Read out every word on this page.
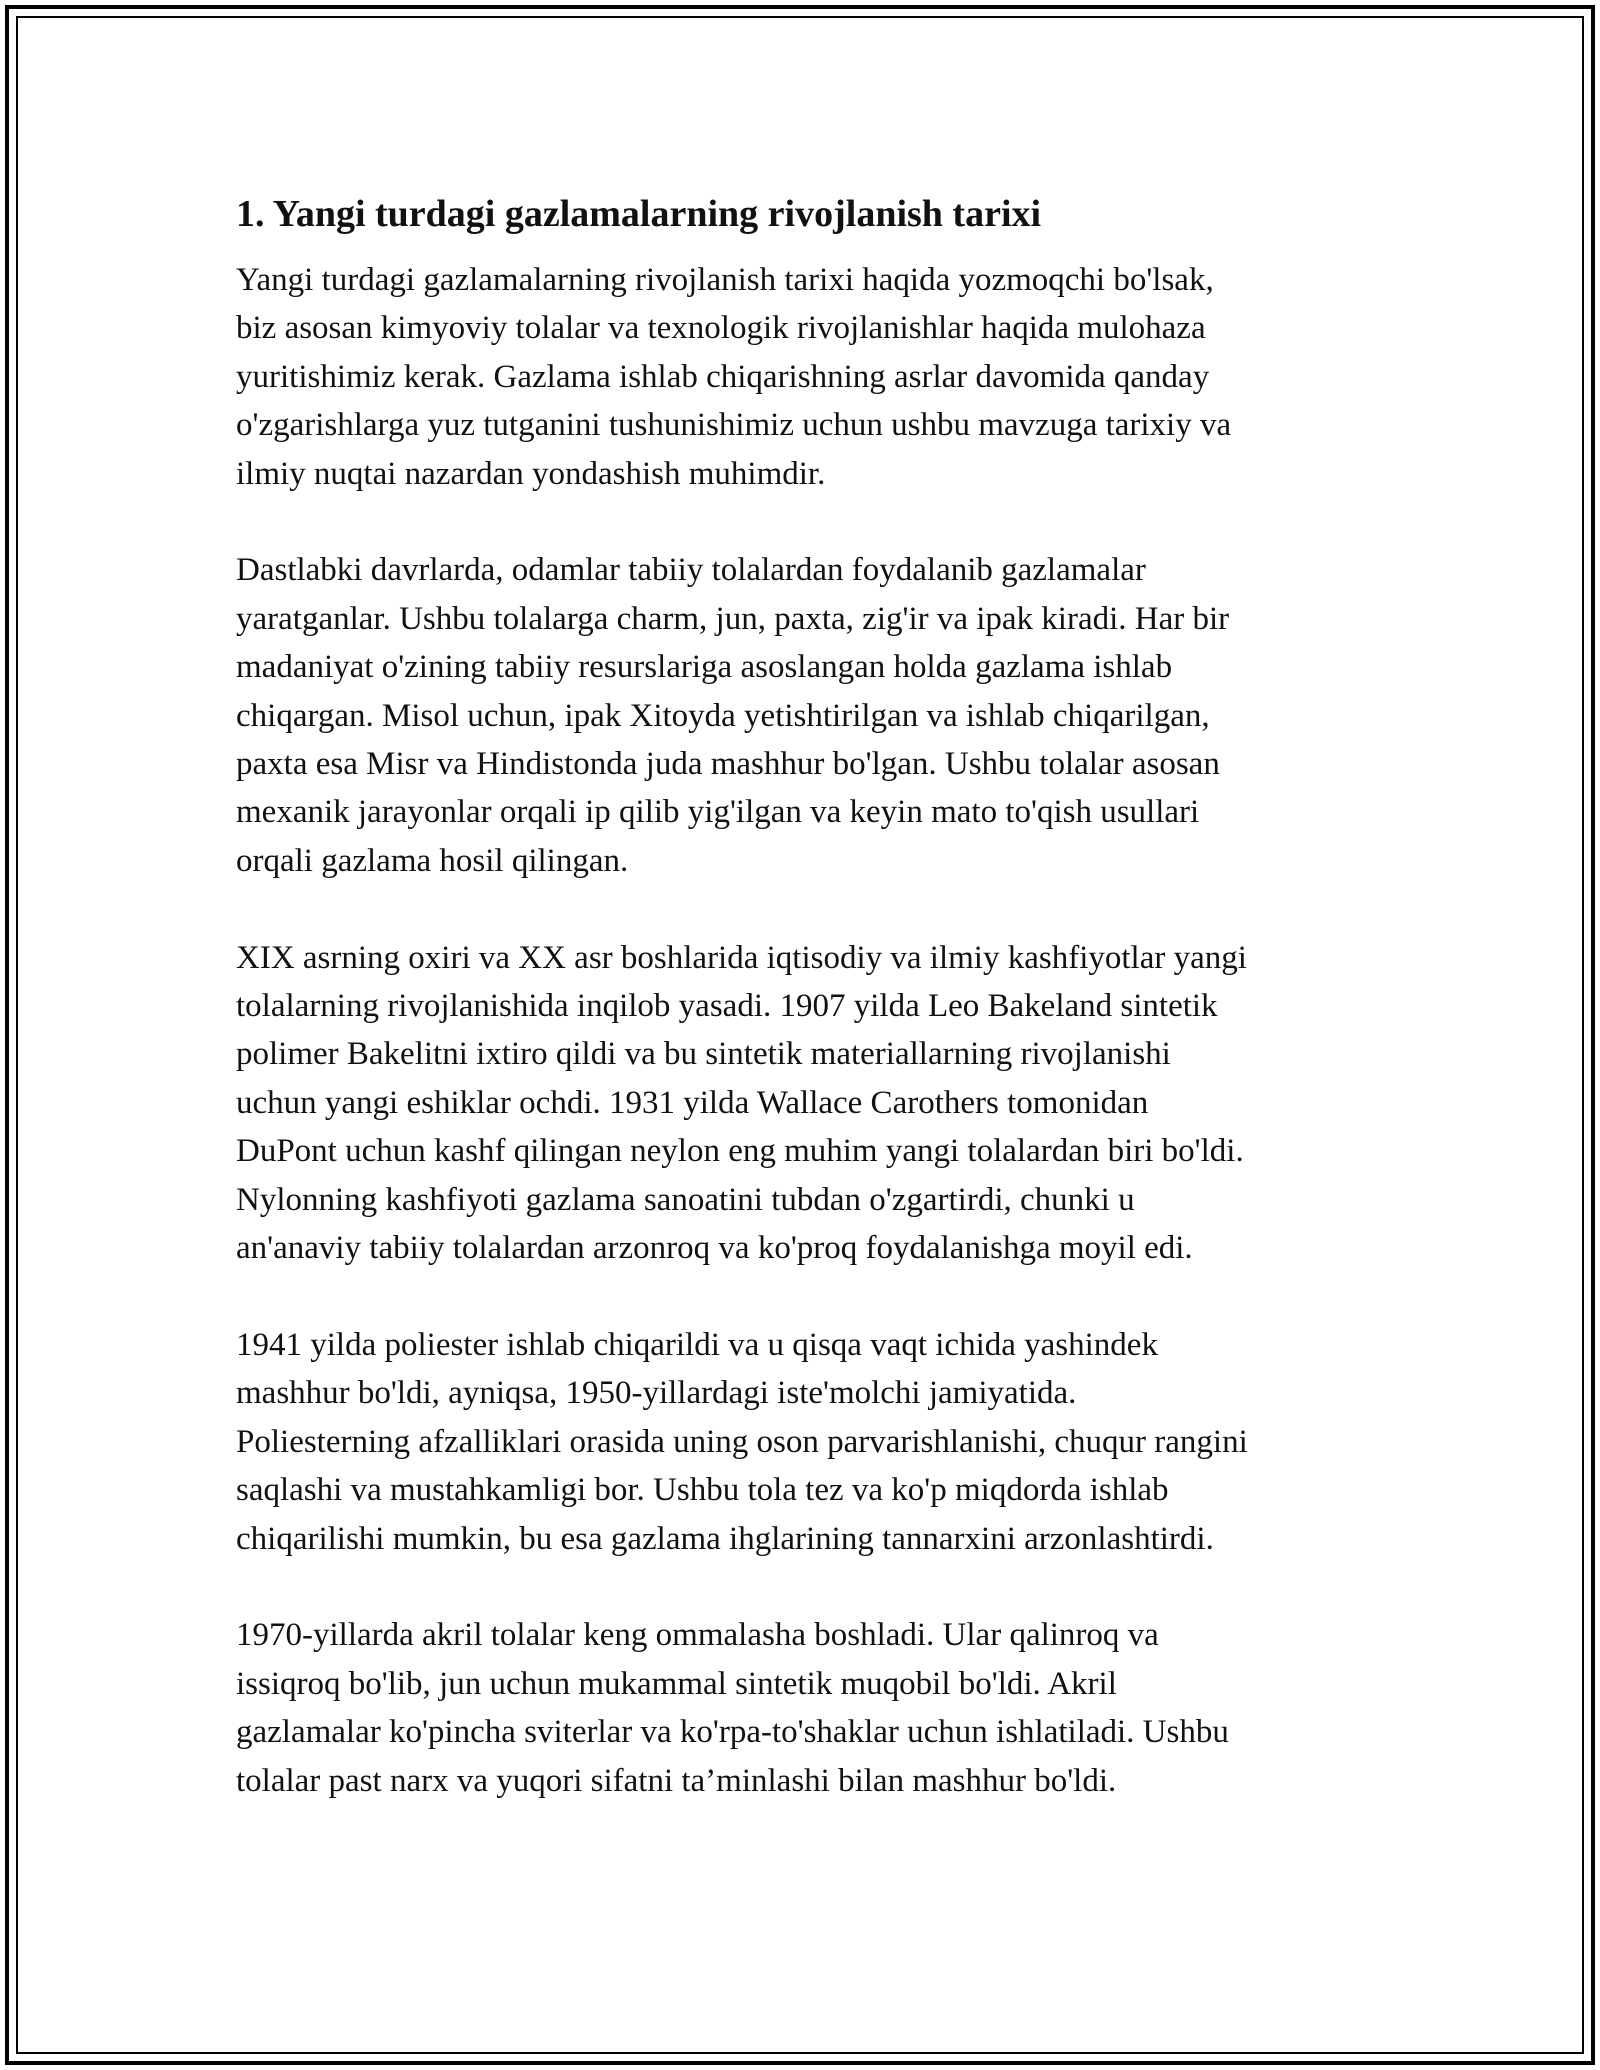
1. Yangi turdagi gazlamalarning rivojlanish tarixi

Yangi turdagi gazlamalarning rivojlanish tarixi haqida yozmoqchi bo'lsak,
biz asosan kimyoviy tolalar va texnologik rivojlanishlar haqida mulohaza
yuritishimiz kerak. Gazlama ishlab chiqarishning asrlar davomida qanday
o'zgarishlarga yuz tutganini tushunishimiz uchun ushbu mavzuga tarixiy va
ilmiy nuqtai nazardan yondashish muhimdir.

Dastlabki davrlarda, odamlar tabiiy tolalardan foydalanib gazlamalar
yaratganlar. Ushbu tolalarga charm, jun, paxta, zig'ir va ipak kiradi. Har bir
madaniyat o'zining tabiiy resurslariga asoslangan holda gazlama ishlab
chiqargan. Misol uchun, ipak Xitoyda yetishtirilgan va ishlab chiqarilgan,
paxta esa Misr va Hindistonda juda mashhur bo'lgan. Ushbu tolalar asosan
mexanik jarayonlar orqali ip qilib yig'ilgan va keyin mato to'qish usullari
orqali gazlama hosil qilingan.

XIX asrning oxiri va XX asr boshlarida iqtisodiy va ilmiy kashfiyotlar yangi
tolalarning rivojlanishida inqilob yasadi. 1907 yilda Leo Bakeland sintetik
polimer Bakelitni ixtiro qildi va bu sintetik materiallarning rivojlanishi
uchun yangi eshiklar ochdi. 1931 yilda Wallace Carothers tomonidan
DuPont uchun kashf qilingan neylon eng muhim yangi tolalardan biri bo'ldi.
Nylonning kashfiyoti gazlama sanoatini tubdan o'zgartirdi, chunki u
an'anaviy tabiiy tolalardan arzonroq va ko'proq foydalanishga moyil edi.

1941 yilda poliester ishlab chiqarildi va u qisqa vaqt ichida yashindek
mashhur bo'ldi, ayniqsa, 1950-yillardagi iste'molchi jamiyatida.
Poliesterning afzalliklari orasida uning oson parvarishlanishi, chuqur rangini
saqlashi va mustahkamligi bor. Ushbu tola tez va ko'p miqdorda ishlab
chiqarilishi mumkin, bu esa gazlama ihglarining tannarxini arzonlashtirdi.

1970-yillarda akril tolalar keng ommalasha boshladi. Ular qalinroq va
issiqroq bo'lib, jun uchun mukammal sintetik muqobil bo'ldi. Akril
gazlamalar ko'pincha sviterlar va ko'rpa-to'shaklar uchun ishlatiladi. Ushbu
tolalar past narx va yuqori sifatni ta’minlashi bilan mashhur bo'ldi.
